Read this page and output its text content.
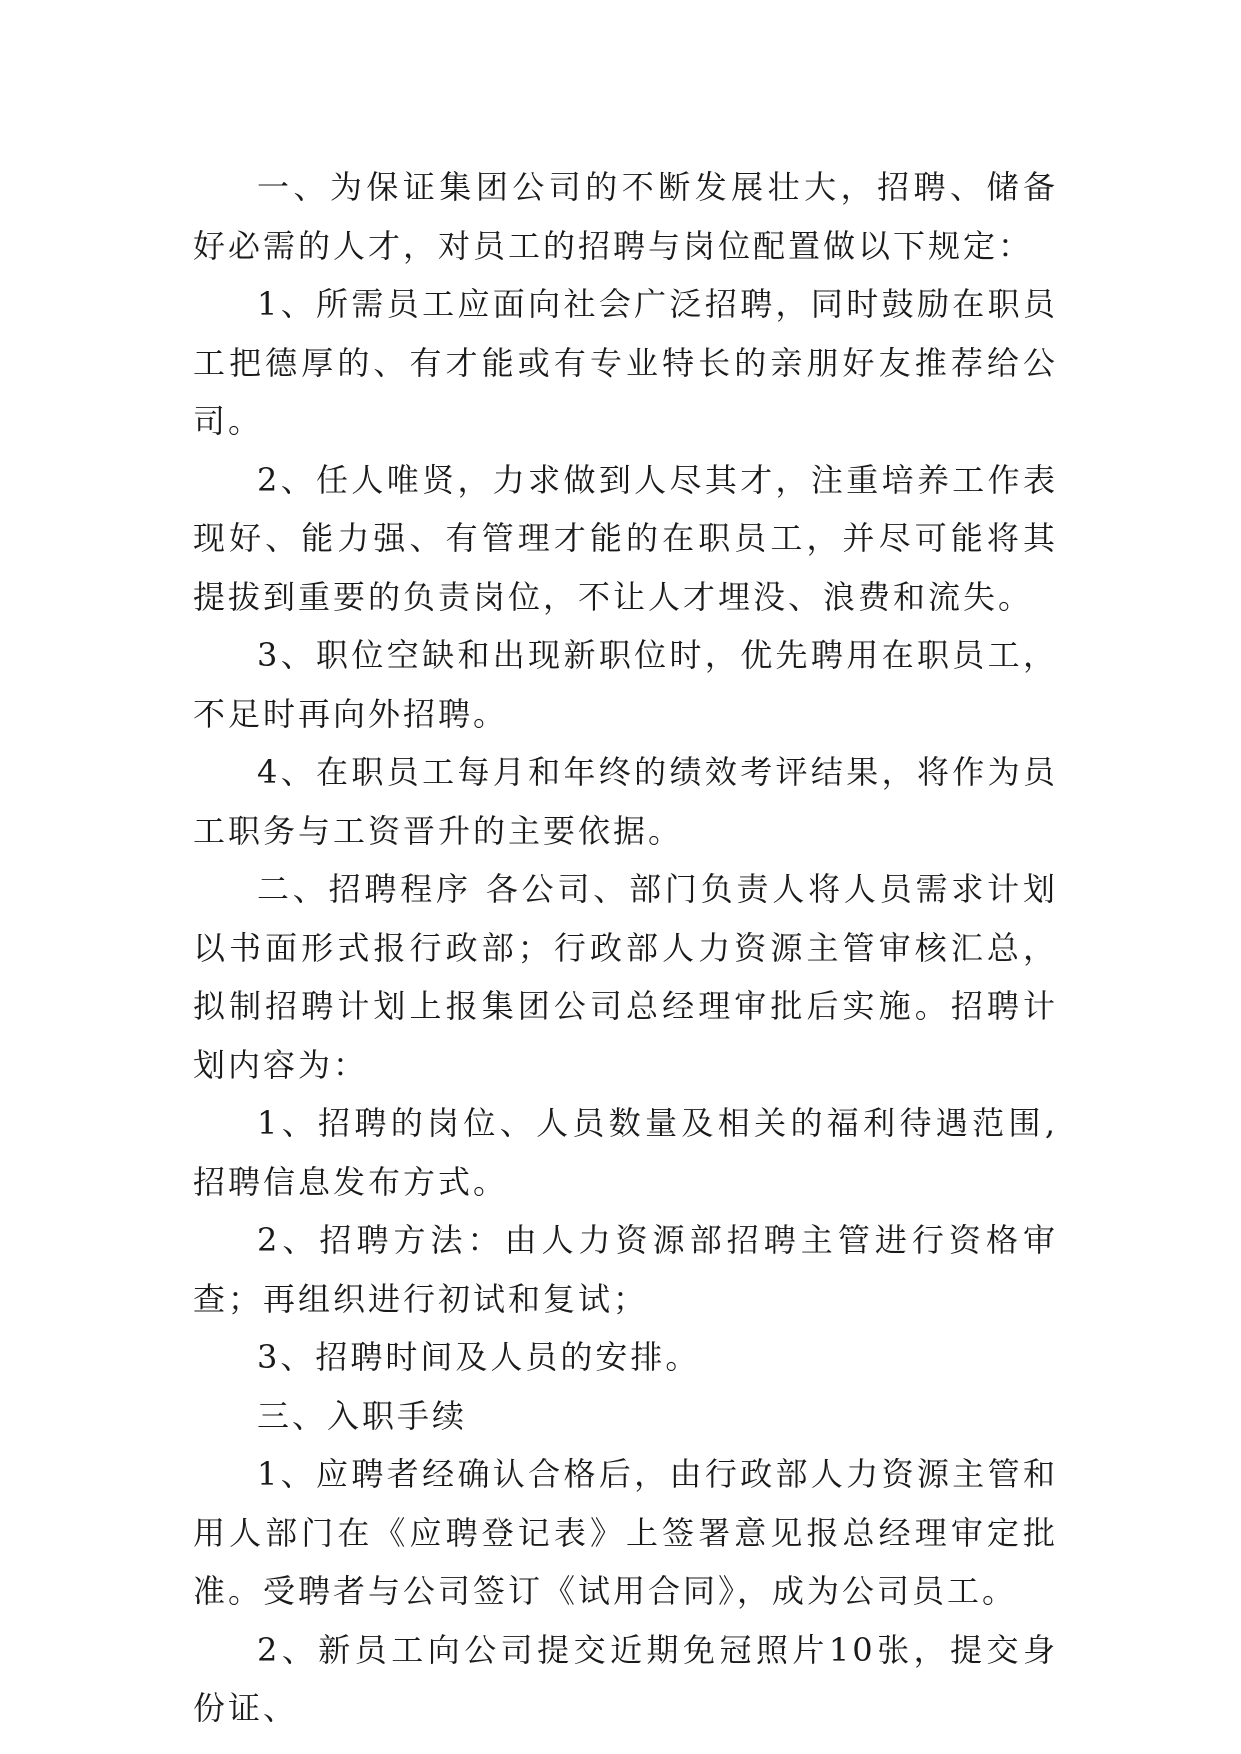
一、为保证集团公司的不断发展壮大，招聘、储备好必需的人才，对员工的招聘与岗位配置做以下规定：

1、所需员工应面向社会广泛招聘，同时鼓励在职员工把德厚的、有才能或有专业特长的亲朋好友推荐给公司。

2、任人唯贤，力求做到人尽其才，注重培养工作表现好、能力强、有管理才能的在职员工，并尽可能将其提拔到重要的负责岗位，不让人才埋没、浪费和流失。

3、职位空缺和出现新职位时，优先聘用在职员工，不足时再向外招聘。

4、在职员工每月和年终的绩效考评结果，将作为员工职务与工资晋升的主要依据。

二、招聘程序 各公司、部门负责人将人员需求计划以书面形式报行政部；行政部人力资源主管审核汇总，拟制招聘计划上报集团公司总经理审批后实施。招聘计划内容为：

1、招聘的岗位、人员数量及相关的福利待遇范围,招聘信息发布方式。

2、招聘方法：由人力资源部招聘主管进行资格审查；再组织进行初试和复试；

3、招聘时间及人员的安排。

三、入职手续

1、应聘者经确认合格后，由行政部人力资源主管和用人部门在《应聘登记表》上签署意见报总经理审定批准。受聘者与公司签订《试用合同》，成为公司员工。

2、新员工向公司提交近期免冠照片10张，提交身份证、
